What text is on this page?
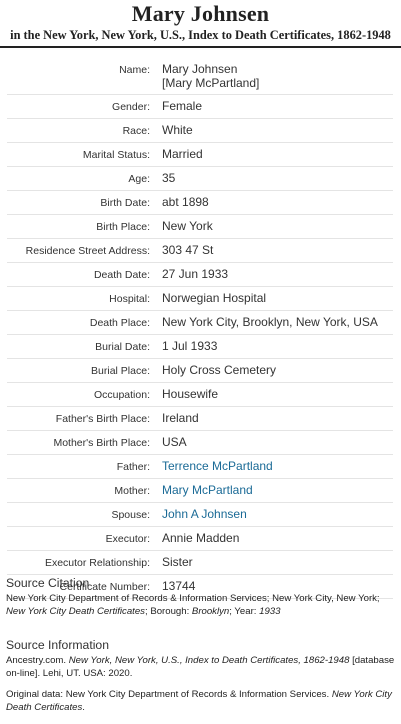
Mary Johnsen
in the New York, New York, U.S., Index to Death Certificates, 1862-1948
Name:	Mary Johnsen
[Mary McPartland]

Gender:	Female
Race:	White
Marital Status:	Married
Age:	35
Birth Date:	abt 1898
Birth Place:	New York
Residence Street Address:	303 47 St
Death Date:	27 Jun 1933
Hospital:	Norwegian Hospital
Death Place:	New York City, Brooklyn, New York, USA
Burial Date:	1 Jul 1933
Burial Place:	Holy Cross Cemetery
Occupation:	Housewife
Father's Birth Place:	Ireland
Mother's Birth Place:	USA
Father:	Terrence McPartland
Mother:	Mary McPartland
Spouse:	John A Johnsen
Executor:	Annie Madden
Executor Relationship:	Sister
Certificate Number:	13744
Source Citation

New York City Department of Records & Information Services; New York City, New York; New York City Death Certificates; Borough: Brooklyn; Year: 1933

Source Information

Ancestry.com. New York, New York, U.S., Index to Death Certificates, 1862-1948 [database on-line]. Lehi, UT. USA: 2020.

Original data: New York City Department of Records & Information Services. New York City Death Certificates.
